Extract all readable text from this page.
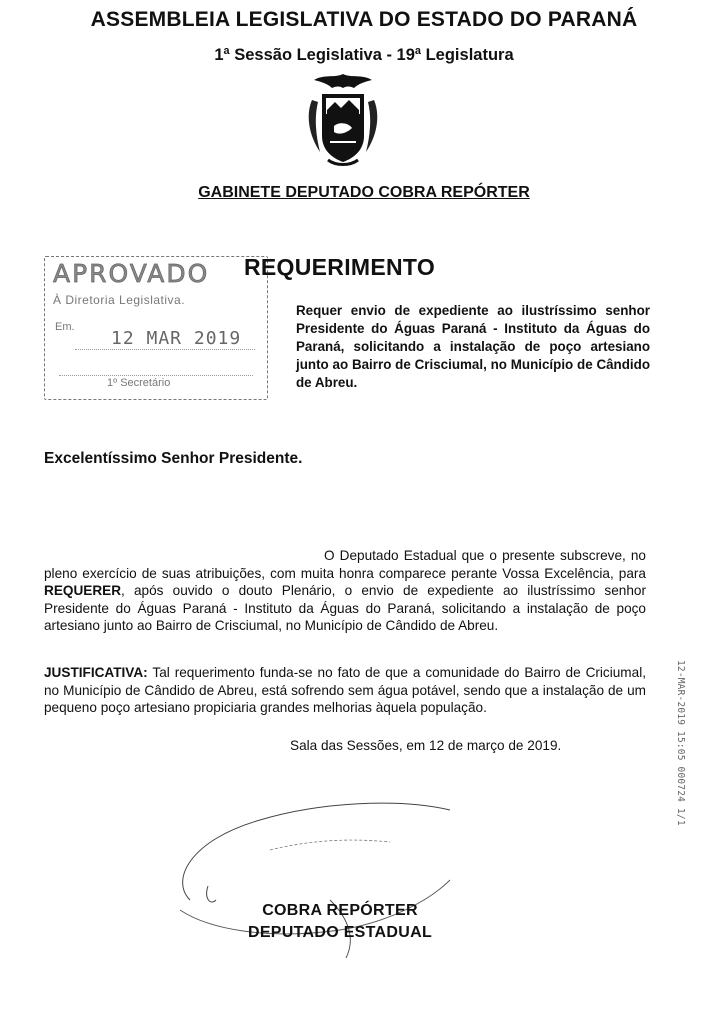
ASSEMBLEIA LEGISLATIVA DO ESTADO DO PARANÁ
1ª Sessão Legislativa - 19ª Legislatura
GABINETE DEPUTADO COBRA REPÓRTER
APROVADO
À Diretoria Legislativa.
Em.
12 MAR 2019
1º Secretário
REQUERIMENTO
Requer envio de expediente ao ilustríssimo senhor Presidente do Águas Paraná - Instituto da Águas do Paraná, solicitando a instalação de poço artesiano junto ao Bairro de Crisciumal, no Município de Cândido de Abreu.
Excelentíssimo Senhor Presidente.
O Deputado Estadual que o presente subscreve, no pleno exercício de suas atribuições, com muita honra comparece perante Vossa Excelência, para REQUERER, após ouvido o douto Plenário, o envio de expediente ao ilustríssimo senhor Presidente do Águas Paraná - Instituto da Águas do Paraná, solicitando a instalação de poço artesiano junto ao Bairro de Crisciumal, no Município de Cândido de Abreu.
JUSTIFICATIVA: Tal requerimento funda-se no fato de que a comunidade do Bairro de Criciumal, no Município de Cândido de Abreu, está sofrendo sem água potável, sendo que a instalação de um pequeno poço artesiano propiciaria grandes melhorias àquela população.
Sala das Sessões, em 12 de março de 2019.
COBRA REPÓRTER
DEPUTADO ESTADUAL
12-MAR-2019 15:05 000724 1/1
